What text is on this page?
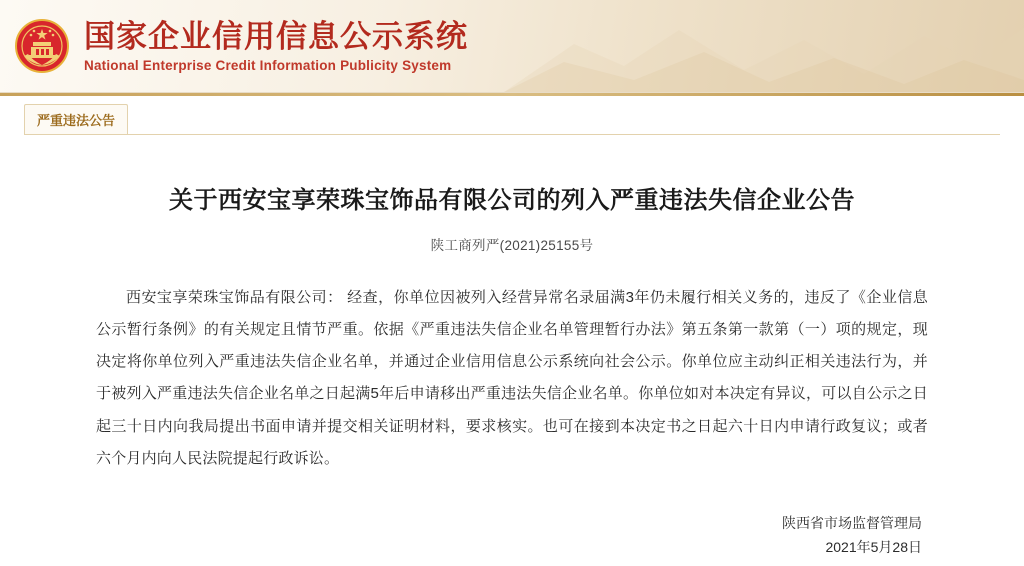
国家企业信用信息公示系统
National Enterprise Credit Information Publicity System
严重违法公告
关于西安宝享荣珠宝饰品有限公司的列入严重违法失信企业公告
陕工商列严(2021)25155号
西安宝享荣珠宝饰品有限公司： 经查，你单位因被列入经营异常名录届满3年仍未履行相关义务的，违反了《企业信息公示暂行条例》的有关规定且情节严重。依据《严重违法失信企业名单管理暂行办法》第五条第一款第（一）项的规定，现决定将你单位列入严重违法失信企业名单，并通过企业信用信息公示系统向社会公示。你单位应主动纠正相关违法行为，并于被列入严重违法失信企业名单之日起满5年后申请移出严重违法失信企业名单。你单位如对本决定有异议，可以自公示之日起三十日内向我局提出书面申请并提交相关证明材料，要求核实。也可在接到本决定书之日起六十日内申请行政复议；或者六个月内向人民法院提起行政诉讼。
陕西省市场监督管理局
2021年5月28日
